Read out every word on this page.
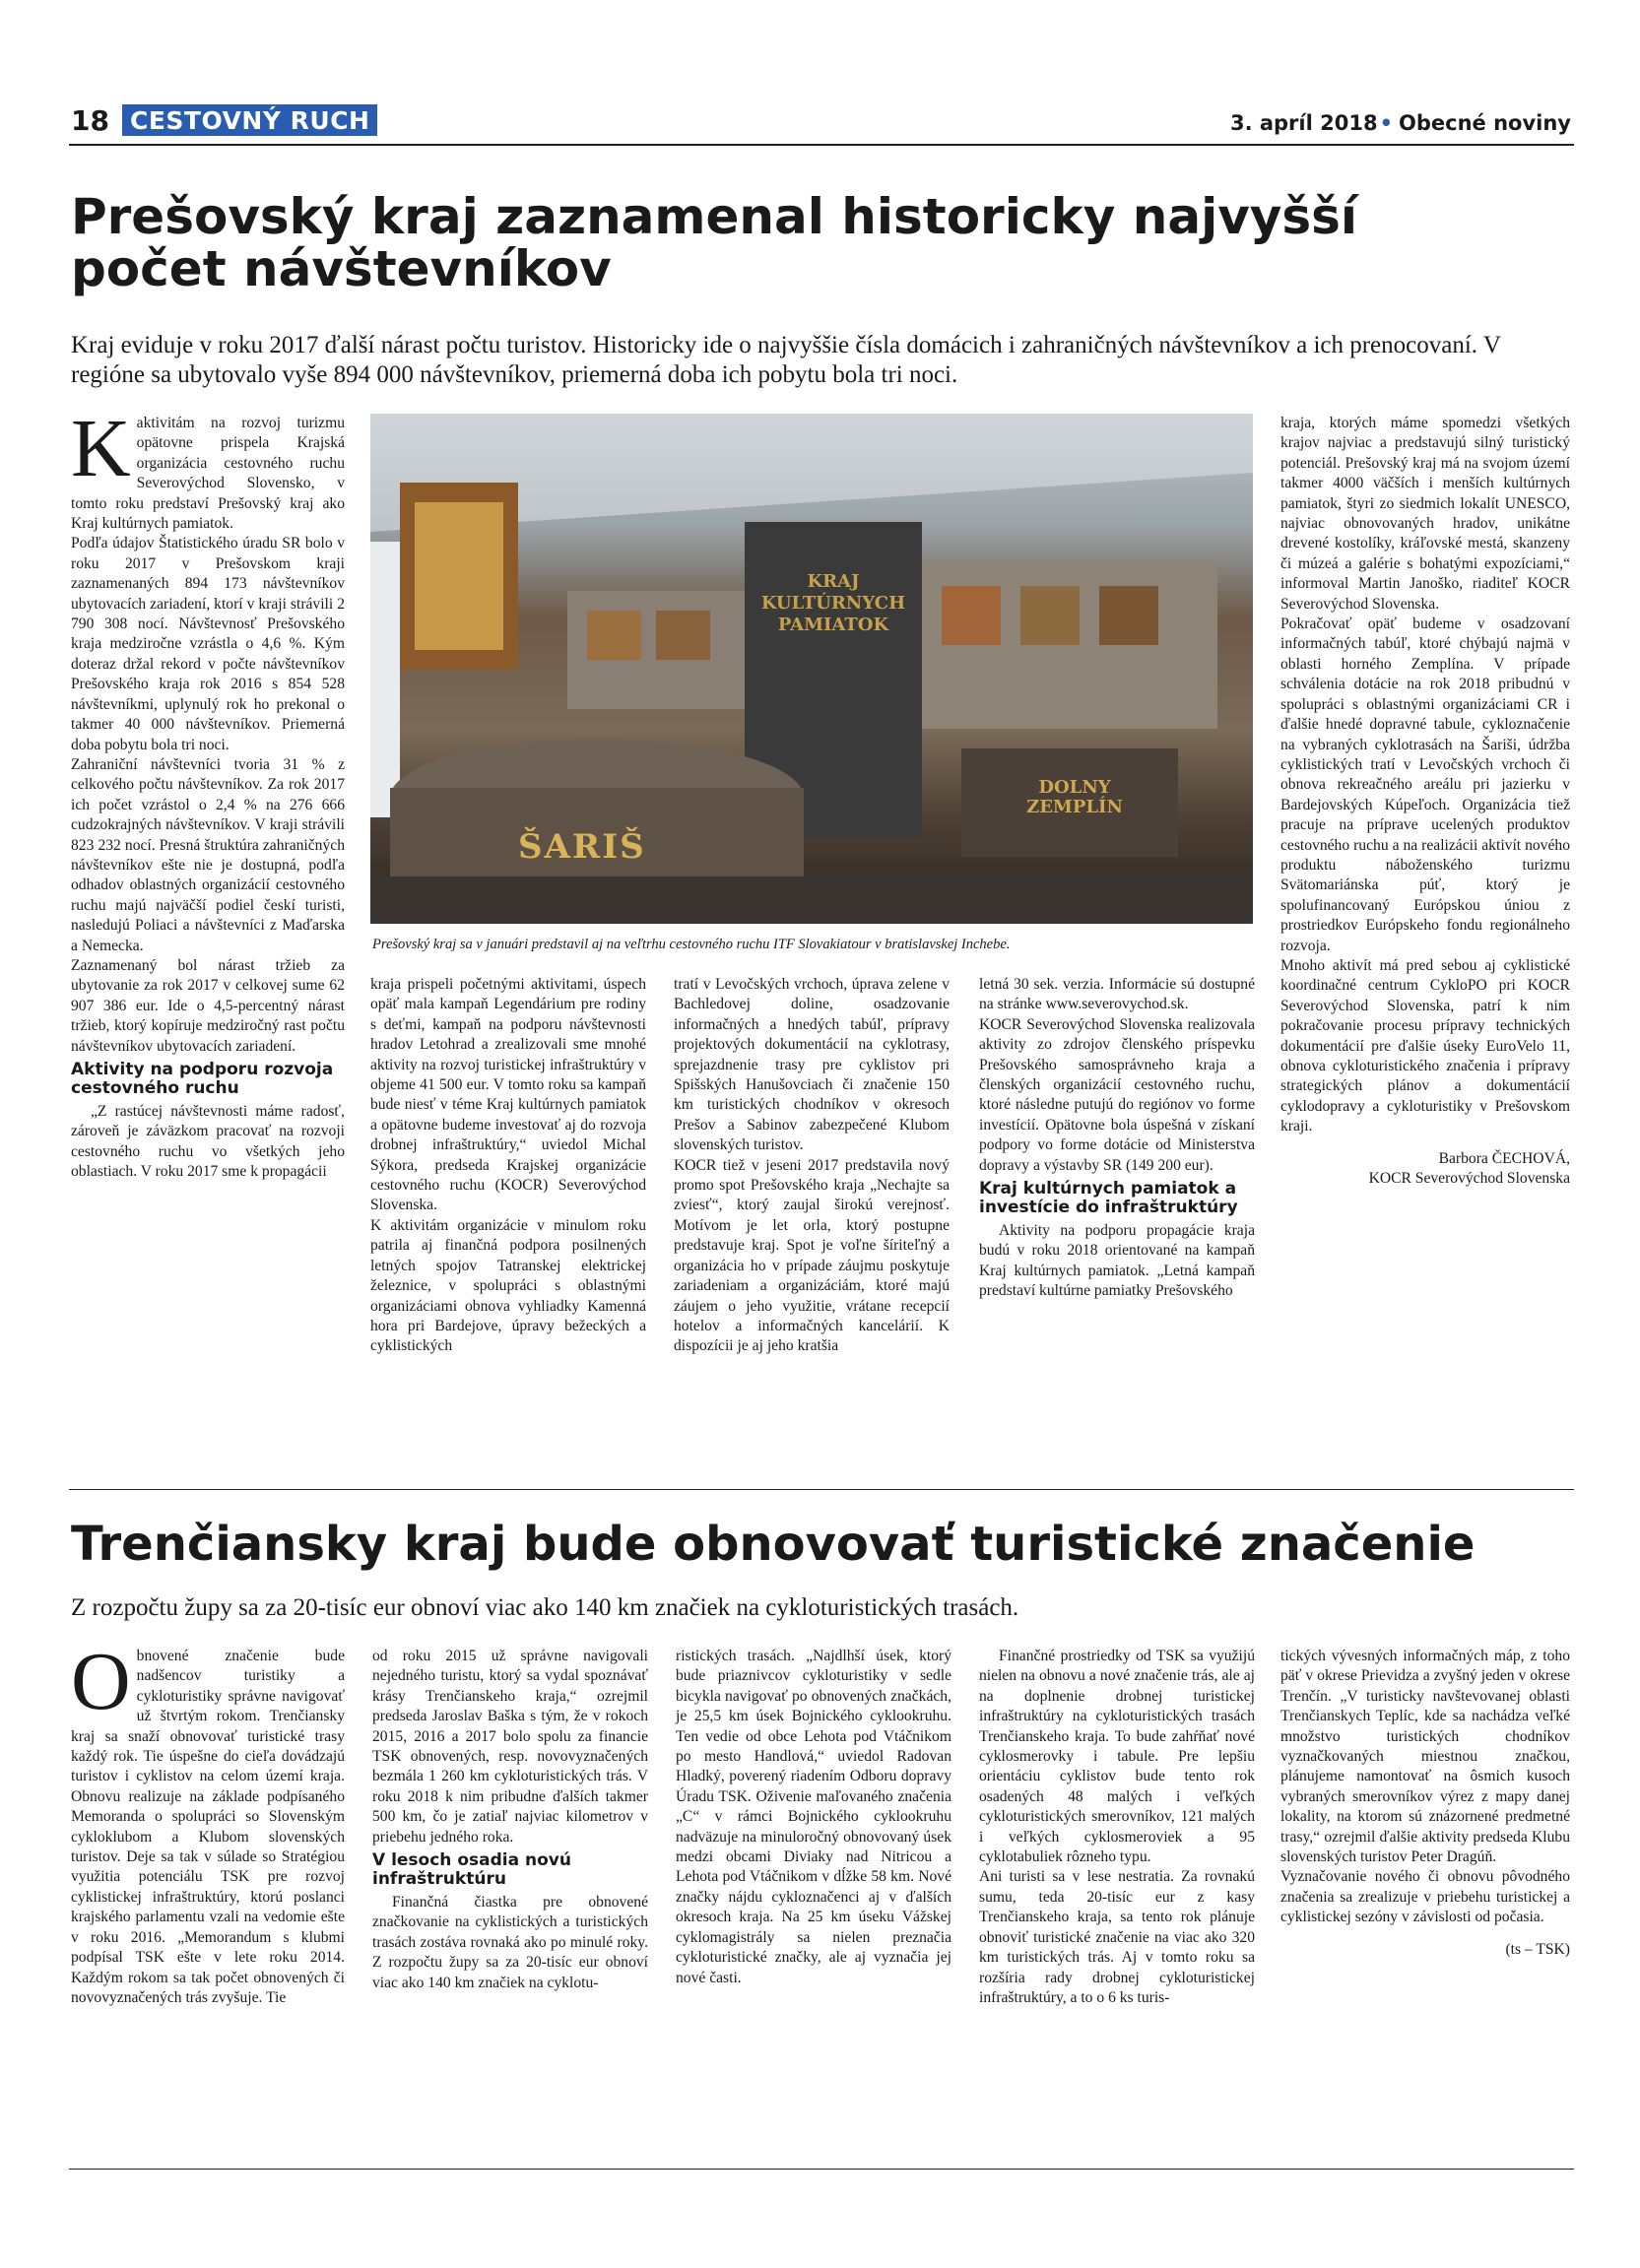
18 CESTOVNÝ RUCH	3. apríl 2018• Obecné noviny
Prešovský kraj zaznamenal historicky najvyšší počet návštevníkov

Kraj eviduje v roku 2017 ďalší nárast počtu turistov. Historicky ide o najvyššie čísla domácich i zahraničných návštevníkov a ich prenocovaní. V regióne sa ubytovalo vyše 894 000 návštevníkov, priemerná doba ich pobytu bola tri noci.

K aktivitám na rozvoj turizmu opätovne prispela Krajská organizácia cestovného ruchu Severovýchod Slovensko, v tomto roku predstaví Prešovský kraj ako Kraj kultúrnych pamiatok.

Podľa údajov Štatistického úradu SR bolo v roku 2017 v Prešovskom kraji zaznamenaných 894 173 návštevníkov ubytovacích zariadení, ktorí v kraji strávili 2 790 308 nocí. Návštevnosť Prešovského kraja medziročne vzrástla o 4,6 %. Kým doteraz držal rekord v počte návštevníkov Prešovského kraja rok 2016 s 854 528 návštevníkmi, uplynulý rok ho prekonal o takmer 40 000 návštevníkov. Priemerná doba pobytu bola tri noci.

Zahraniční návštevníci tvoria 31 % z celkového počtu návštevníkov. Za rok 2017 ich počet vzrástol o 2,4 % na 276 666 cudzokrajných návštevníkov. V kraji strávili 823 232 nocí. Presná štruktúra zahraničných návštevníkov ešte nie je dostupná, podľa odhadov oblastných organizácií cestovného ruchu majú najväčší podiel českí turisti, nasledujú Poliaci a návštevníci z Maďarska a Nemecka.

Zaznamenaný bol nárast tržieb za ubytovanie za rok 2017 v celkovej sume 62 907 386 eur. Ide o 4,5-percentný nárast tržieb, ktorý kopíruje medziročný rast počtu návštevníkov ubytovacích zariadení.

Aktivity na podporu rozvoja cestovného ruchu

„Z rastúcej návštevnosti máme radosť, zároveň je záväzkom pracovať na rozvoji cestovného ruchu vo všetkých jeho oblastiach. V roku 2017 sme k propagácii

KRAJ KULTÚRNYCH PAMIATOK
ŠARIŠ
DOLNY ZEMPLÍN

Prešovský kraj sa v januári predstavil aj na veľtrhu cestovného ruchu ITF Slovakiatour v bratislavskej Inchebe.

kraja prispeli početnými aktivitami, úspech opäť mala kampaň Legendárium pre rodiny s deťmi, kampaň na podporu návštevnosti hradov Letohrad a zrealizovali sme mnohé aktivity na rozvoj turistickej infraštruktúry v objeme 41 500 eur. V tomto roku sa kampaň bude niesť v téme Kraj kultúrnych pamiatok a opätovne budeme investovať aj do rozvoja drobnej infraštruktúry,“ uviedol Michal Sýkora, predseda Krajskej organizácie cestovného ruchu (KOCR) Severovýchod Slovenska.

K aktivitám organizácie v minulom roku patrila aj finančná podpora posilnených letných spojov Tatranskej elektrickej železnice, v spolupráci s oblastnými organizáciami obnova vyhliadky Kamenná hora pri Bardejove, úpravy bežeckých a cyklistických

tratí v Levočských vrchoch, úprava zelene v Bachledovej doline, osadzovanie informačných a hnedých tabúľ, prípravy projektových dokumentácií na cyklotrasy, sprejazdnenie trasy pre cyklistov pri Spišských Hanušovciach či značenie 150 km turistických chodníkov v okresoch Prešov a Sabinov zabezpečené Klubom slovenských turistov.

KOCR tiež v jeseni 2017 predstavila nový promo spot Prešovského kraja „Nechajte sa zviesť“, ktorý zaujal širokú verejnosť. Motívom je let orla, ktorý postupne predstavuje kraj. Spot je voľne šíriteľný a organizácia ho v prípade záujmu poskytuje zariadeniam a organizáciám, ktoré majú záujem o jeho využitie, vrátane recepcií hotelov a informačných kancelárií. K dispozícii je aj jeho kratšia

letná 30 sek. verzia. Informácie sú dostupné na stránke www.severovychod.sk.

KOCR Severovýchod Slovenska realizovala aktivity zo zdrojov členského príspevku Prešovského samosprávneho kraja a členských organizácií cestovného ruchu, ktoré následne putujú do regiónov vo forme investícií. Opätovne bola úspešná v získaní podpory vo forme dotácie od Ministerstva dopravy a výstavby SR (149 200 eur).

Kraj kultúrnych pamiatok a investície do infraštruktúry

Aktivity na podporu propagácie kraja budú v roku 2018 orientované na kampaň Kraj kultúrnych pamiatok. „Letná kampaň predstaví kultúrne pamiatky Prešovského

kraja, ktorých máme spomedzi všetkých krajov najviac a predstavujú silný turistický potenciál. Prešovský kraj má na svojom území takmer 4000 väčších i menších kultúrnych pamiatok, štyri zo siedmich lokalít UNESCO, najviac obnovovaných hradov, unikátne drevené kostolíky, kráľovské mestá, skanzeny či múzeá a galérie s bohatými expozíciami,“ informoval Martin Janoško, riaditeľ KOCR Severovýchod Slovenska.

Pokračovať opäť budeme v osadzovaní informačných tabúľ, ktoré chýbajú najmä v oblasti horného Zemplína. V prípade schválenia dotácie na rok 2018 pribudnú v spolupráci s oblastnými organizáciami CR i ďalšie hnedé dopravné tabule, cykloznačenie na vybraných cyklotrasách na Šariši, údržba cyklistických tratí v Levočských vrchoch či obnova rekreačného areálu pri jazierku v Bardejovských Kúpeľoch. Organizácia tiež pracuje na príprave ucelených produktov cestovného ruchu a na realizácii aktivít nového produktu náboženského turizmu Svätomariánska púť, ktorý je spolufinancovaný Európskou úniou z prostriedkov Európskeho fondu regionálneho rozvoja.

Mnoho aktivít má pred sebou aj cyklistické koordinačné centrum CykloPO pri KOCR Severovýchod Slovenska, patrí k nim pokračovanie procesu prípravy technických dokumentácií pre ďalšie úseky EuroVelo 11, obnova cykloturistického značenia i prípravy strategických plánov a dokumentácií cyklodopravy a cykloturistiky v Prešovskom kraji.

Barbora ČECHOVÁ,

KOCR Severovýchod Slovenska

Trenčiansky kraj bude obnovovať turistické značenie

Z rozpočtu župy sa za 20-tisíc eur obnoví viac ako 140 km značiek na cykloturistických trasách.

O bnovené značenie bude nadšencov turistiky a cykloturistiky správne navigovať už štvrtým rokom. Trenčiansky kraj sa snaží obnovovať turistické trasy každý rok. Tie úspešne do cieľa dovádzajú turistov i cyklistov na celom území kraja. Obnovu realizuje na základe podpísaného Memoranda o spolupráci so Slovenským cykloklubom a Klubom slovenských turistov. Deje sa tak v súlade so Stratégiou využitia potenciálu TSK pre rozvoj cyklistickej infraštruktúry, ktorú poslanci krajského parlamentu vzali na vedomie ešte v roku 2016. „Memorandum s klubmi podpísal TSK ešte v lete roku 2014. Každým rokom sa tak počet obnovených či novovyznačených trás zvyšuje. Tie

od roku 2015 už správne navigovali nejedného turistu, ktorý sa vydal spoznávať krásy Trenčianskeho kraja,“ ozrejmil predseda Jaroslav Baška s tým, že v rokoch 2015, 2016 a 2017 bolo spolu za financie TSK obnovených, resp. novovyznačených bezmála 1 260 km cykloturistických trás. V roku 2018 k nim pribudne ďalších takmer 500 km, čo je zatiaľ najviac kilometrov v priebehu jedného roka.

V lesoch osadia novú infraštruktúru

Finančná čiastka pre obnovené značkovanie na cyklistických a turistických trasách zostáva rovnaká ako po minulé roky. Z rozpočtu župy sa za 20-tisíc eur obnoví viac ako 140 km značiek na cyklotu-

ristických trasách. „Najdlhší úsek, ktorý bude priaznivcov cykloturistiky v sedle bicykla navigovať po obnovených značkách, je 25,5 km úsek Bojnického cyklookruhu. Ten vedie od obce Lehota pod Vtáčnikom po mesto Handlová,“ uviedol Radovan Hladký, poverený riadením Odboru dopravy Úradu TSK. Oživenie maľovaného značenia „C“ v rámci Bojnického cyklookruhu nadväzuje na minuloročný obnovovaný úsek medzi obcami Diviaky nad Nitricou a Lehota pod Vtáčnikom v dĺžke 58 km. Nové značky nájdu cykloznačenci aj v ďalších okresoch kraja. Na 25 km úseku Vážskej cyklomagistrály sa nielen preznačia cykloturistické značky, ale aj vyznačia jej nové časti.

Finančné prostriedky od TSK sa využijú nielen na obnovu a nové značenie trás, ale aj na doplnenie drobnej turistickej infraštruktúry na cykloturistických trasách Trenčianskeho kraja. To bude zahŕňať nové cyklosmerovky i tabule. Pre lepšiu orientáciu cyklistov bude tento rok osadených 48 malých i veľkých cykloturistických smerovníkov, 121 malých i veľkých cyklosmeroviek a 95 cyklotabuliek rôzneho typu.

Ani turisti sa v lese nestratia. Za rovnakú sumu, teda 20-tisíc eur z kasy Trenčianskeho kraja, sa tento rok plánuje obnoviť turistické značenie na viac ako 320 km turistických trás. Aj v tomto roku sa rozšíria rady drobnej cykloturistickej infraštruktúry, a to o 6 ks turis-

tických vývesných informačných máp, z toho päť v okrese Prievidza a zvyšný jeden v okrese Trenčín. „V turisticky navštevovanej oblasti Trenčianskych Teplíc, kde sa nachádza veľké množstvo turistických chodníkov vyznačkovaných miestnou značkou, plánujeme namontovať na ôsmich kusoch vybraných smerovníkov výrez z mapy danej lokality, na ktorom sú znázornené predmetné trasy,“ ozrejmil ďalšie aktivity predseda Klubu slovenských turistov Peter Dragúň.

Vyznačovanie nového či obnovu pôvodného značenia sa zrealizuje v priebehu turistickej a cyklistickej sezóny v závislosti od počasia.

(ts – TSK)
